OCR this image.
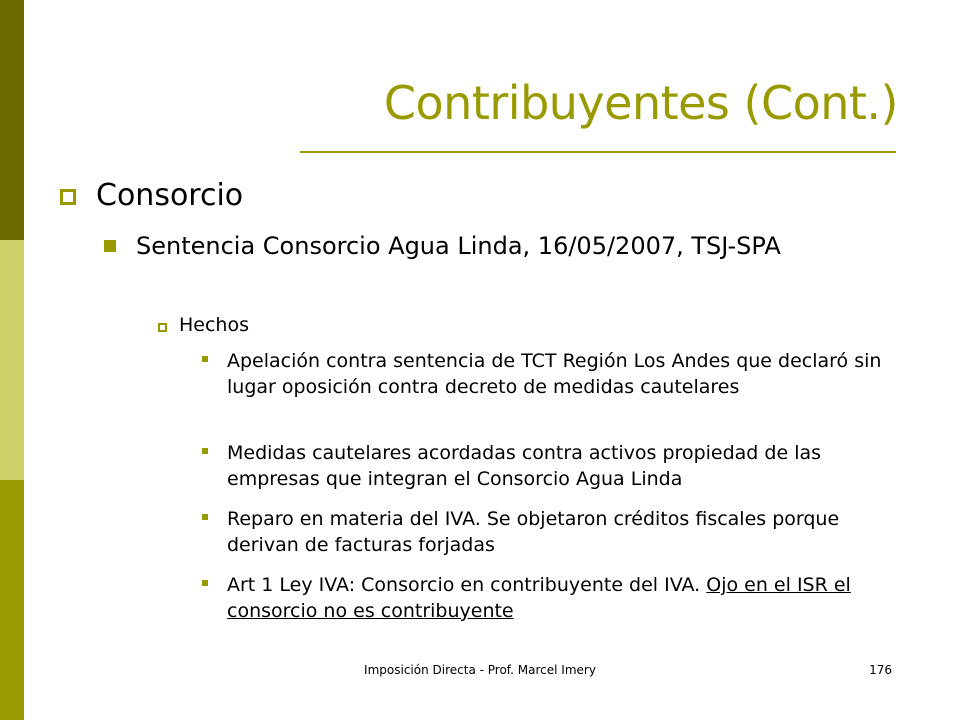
Contribuyentes (Cont.)
Consorcio
Sentencia Consorcio Agua Linda, 16/05/2007, TSJ-SPA
Hechos
Apelación contra sentencia de TCT Región Los Andes que declaró sin lugar oposición contra decreto de medidas cautelares
Medidas cautelares acordadas contra activos propiedad de las empresas que integran el Consorcio Agua Linda
Reparo en materia del IVA. Se objetaron créditos fiscales porque derivan de facturas forjadas
Art 1 Ley IVA: Consorcio en contribuyente del IVA. Ojo en el ISR el consorcio no es contribuyente
Imposición Directa - Prof. Marcel Imery	176
